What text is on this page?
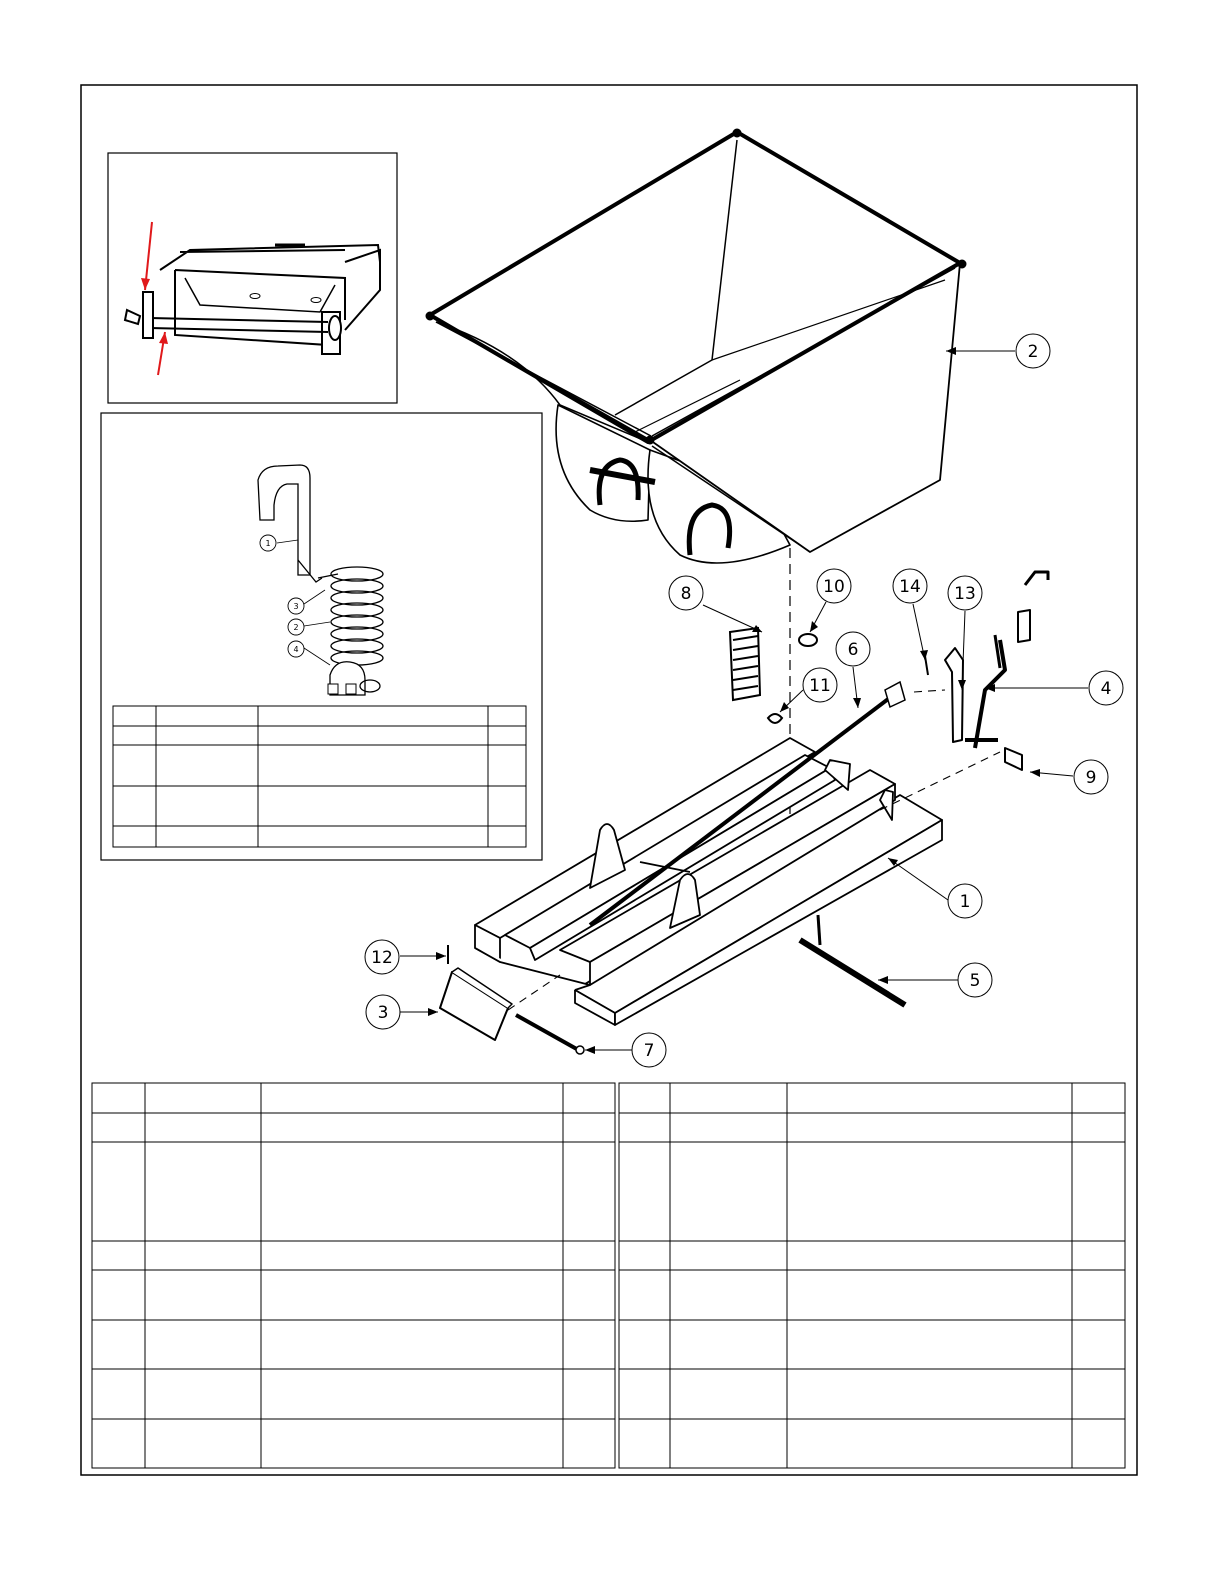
1
3
2
4
1
2
3
4
5
6
7
8
9
10
11
12
13
14
